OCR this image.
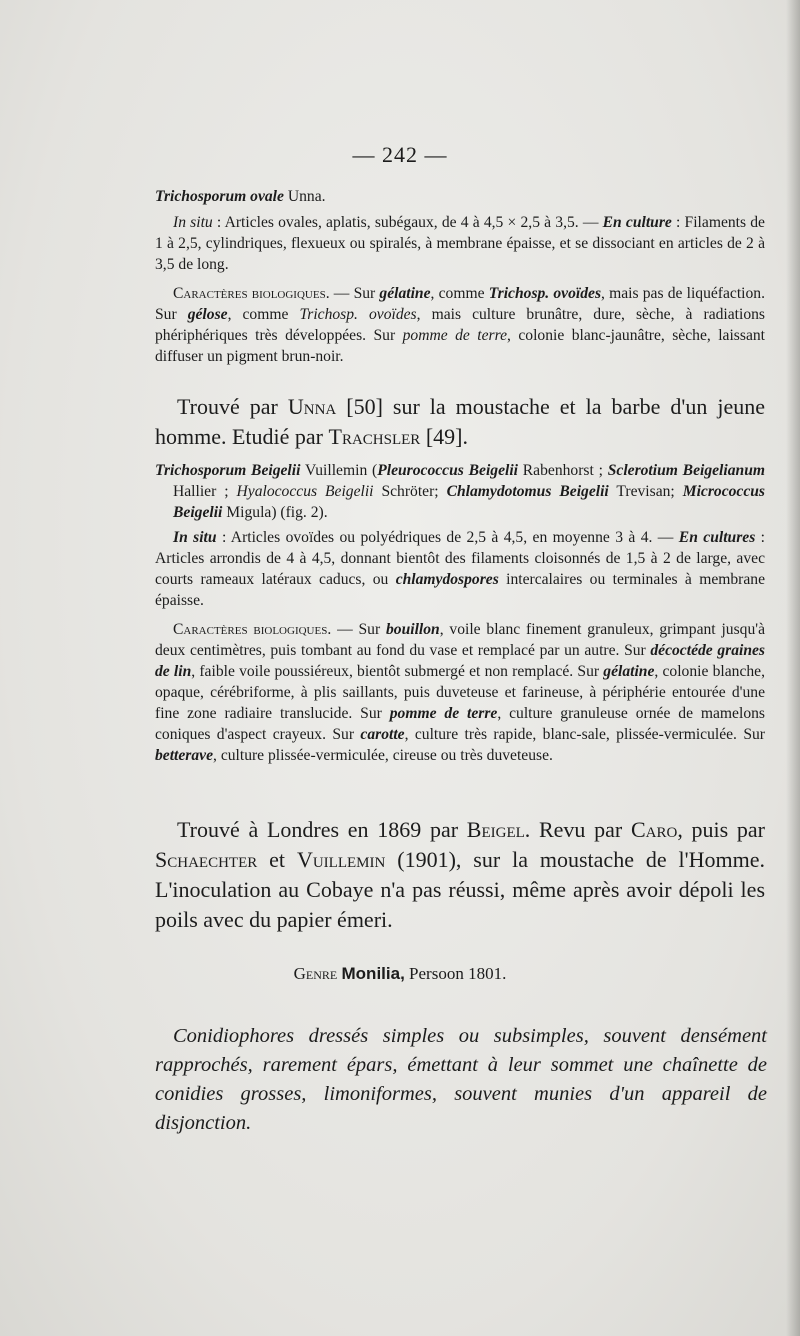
— 242 —

Trichosporum ovale Unna.

In situ : Articles ovales, aplatis, subégaux, de 4 à 4,5 × 2,5 à 3,5. — En culture : Filaments de 1 à 2,5, cylindriques, flexueux ou spiralés, à membrane épaisse, et se dissociant en articles de 2 à 3,5 de long.

Caractères biologiques. — Sur gélatine, comme Trichosp. ovoïdes, mais pas de liquéfaction. Sur gélose, comme Trichosp. ovoïdes, mais culture brunâtre, dure, sèche, à radiations phériphériques très développées. Sur pomme de terre, colonie blanc-jaunâtre, sèche, laissant diffuser un pigment brun-noir.

Trouvé par Unna [50] sur la moustache et la barbe d'un jeune homme. Etudié par Trachsler [49].

Trichosporum Beigelii Vuillemin (Pleurococcus Beigelii Rabenhorst ; Sclerotium Beigelianum Hallier ; Hyalococcus Beigelii Schröter; Chlamydotomus Beigelii Trevisan; Micrococcus Beigelii Migula) (fig. 2).

In situ : Articles ovoïdes ou polyédriques de 2,5 à 4,5, en moyenne 3 à 4. — En cultures : Articles arrondis de 4 à 4,5, donnant bientôt des filaments cloisonnés de 1,5 à 2 de large, avec courts rameaux latéraux caducs, ou chlamydospores intercalaires ou terminales à membrane épaisse.

Caractères biologiques. — Sur bouillon, voile blanc finement granuleux, grimpant jusqu'à deux centimètres, puis tombant au fond du vase et remplacé par un autre. Sur décoctéde graines de lin, faible voile poussiéreux, bientôt submergé et non remplacé. Sur gélatine, colonie blanche, opaque, cérébriforme, à plis saillants, puis duveteuse et farineuse, à périphérie entourée d'une fine zone radiaire translucide. Sur pomme de terre, culture granuleuse ornée de mamelons coniques d'aspect crayeux. Sur carotte, culture très rapide, blanc-sale, plissée-vermiculée. Sur betterave, culture plissée-vermiculée, cireuse ou très duveteuse.

Trouvé à Londres en 1869 par Beigel. Revu par Caro, puis par Schaechter et Vuillemin (1901), sur la moustache de l'Homme. L'inoculation au Cobaye n'a pas réussi, même après avoir dépoli les poils avec du papier émeri.

Genre Monilia, Persoon 1801.

Conidiophores dressés simples ou subsimples, souvent densément rapprochés, rarement épars, émettant à leur sommet une chaînette de conidies grosses, limoniformes, souvent munies d'un appareil de disjonction.
